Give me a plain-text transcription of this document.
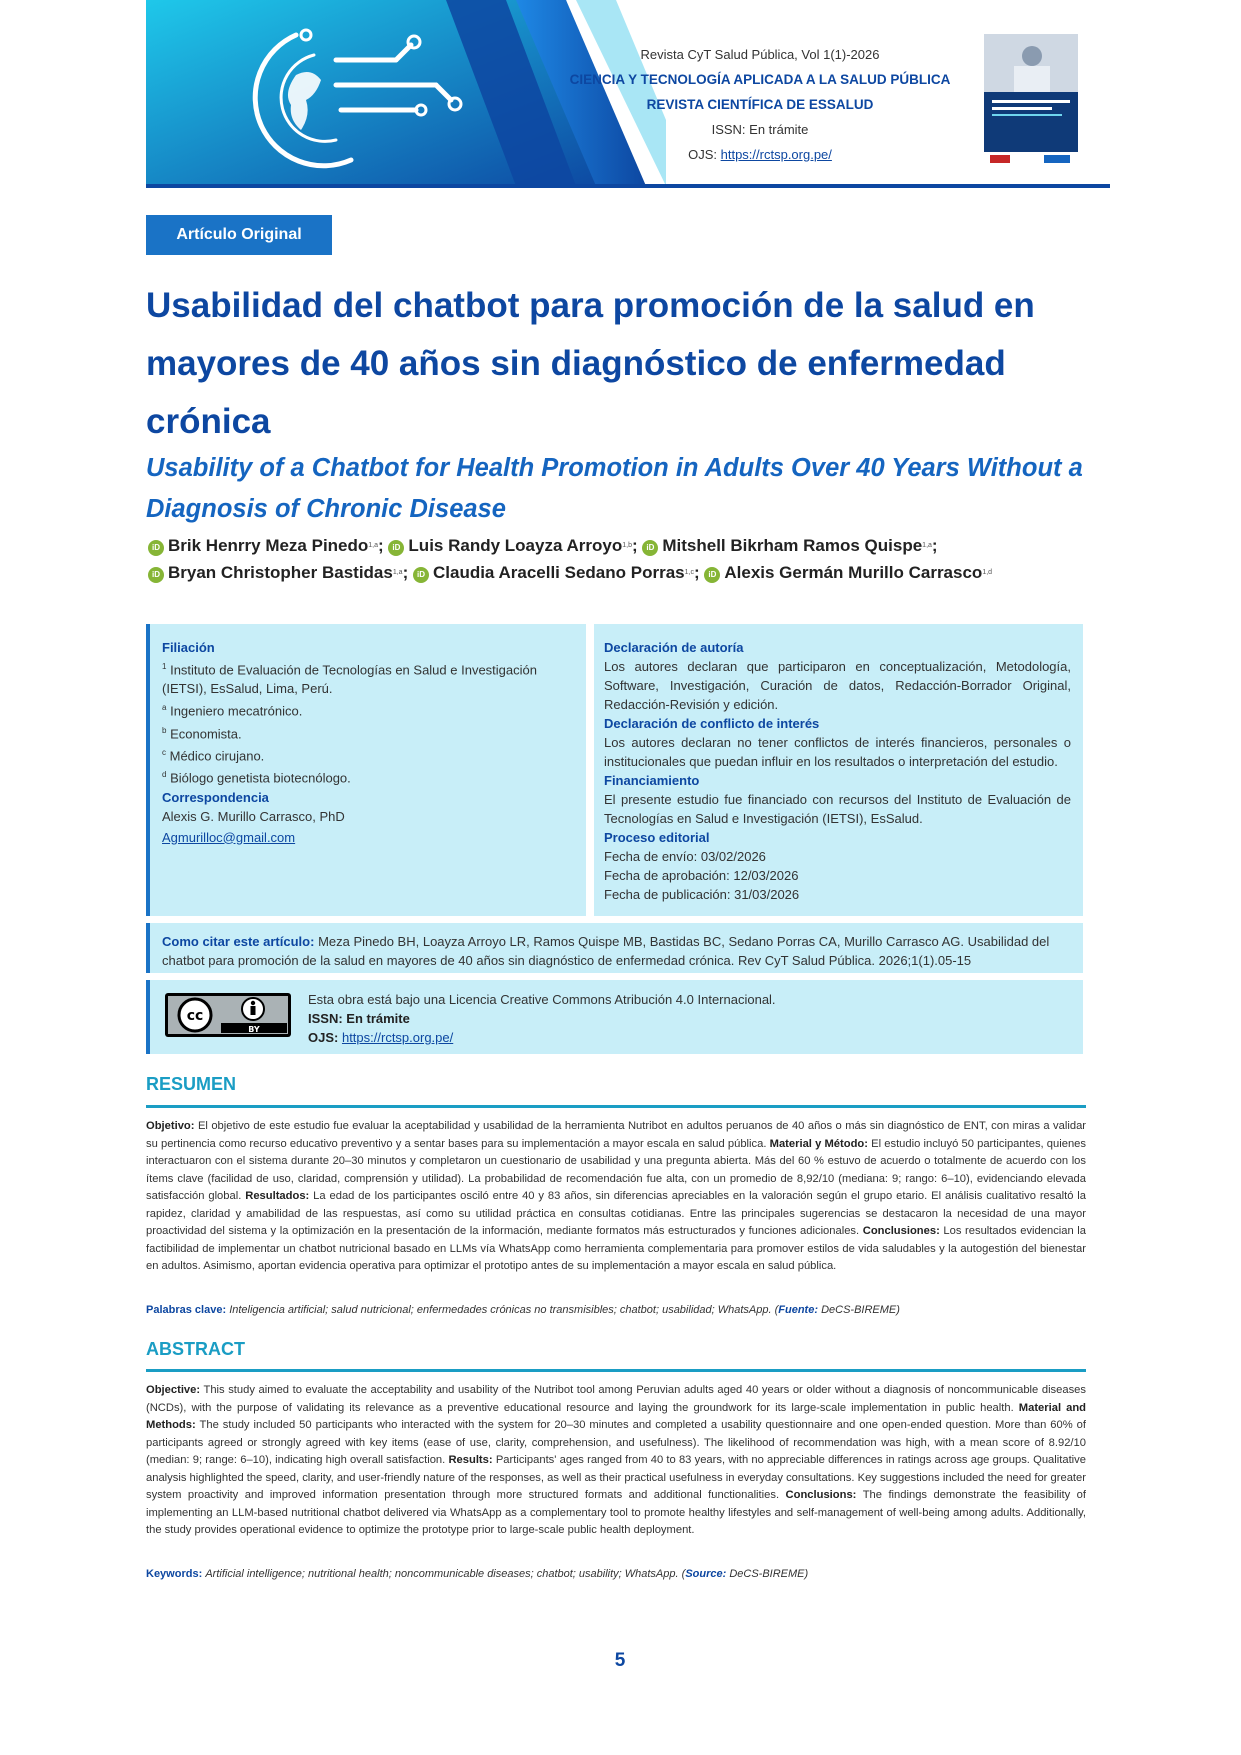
Revista CyT Salud Pública, Vol 1(1)-2026
CIENCIA Y TECNOLOGÍA APLICADA A LA SALUD PÚBLICA
REVISTA CIENTÍFICA DE ESSALUD
ISSN: En trámite
OJS: https://rctsp.org.pe/
Artículo Original
Usabilidad del chatbot para promoción de la salud en mayores de 40 años sin diagnóstico de enfermedad crónica
Usability of a Chatbot for Health Promotion in Adults Over 40 Years Without a Diagnosis of Chronic Disease
iD Brik Henrry Meza Pinedo$^{1,a}$; iD Luis Randy Loayza Arroyo$^{1,b}$; iD Mitshell Bikrham Ramos Quispe$^{1,a}$;
iD Bryan Christopher Bastidas$^{1,a}$; iD Claudia Aracelli Sedano Porras$^{1,c}$; iD Alexis Germán Murillo Carrasco$^{1,d}$
Filiación
$^1$ Instituto de Evaluación de Tecnologías en Salud e Investigación (IETSI), EsSalud, Lima, Perú.
$^a$ Ingeniero mecatrónico.
$^b$ Economista.
$^c$ Médico cirujano.
$^d$ Biólogo genetista biotecnólogo.
Correspondencia
Alexis G. Murillo Carrasco, PhD
Agmurilloc@gmail.com
Declaración de autoría
Los autores declaran que participaron en conceptualización, Metodología, Software, Investigación, Curación de datos, Redacción-Borrador Original, Redacción-Revisión y edición.
Declaración de conflicto de interés
Los autores declaran no tener conflictos de interés financieros, personales o institucionales que puedan influir en los resultados o interpretación del estudio.
Financiamiento
El presente estudio fue financiado con recursos del Instituto de Evaluación de Tecnologías en Salud e Investigación (IETSI), EsSalud.
Proceso editorial
Fecha de envío: 03/02/2026
Fecha de aprobación: 12/03/2026
Fecha de publicación: 31/03/2026
Como citar este artículo: Meza Pinedo BH, Loayza Arroyo LR, Ramos Quispe MB, Bastidas BC, Sedano Porras CA, Murillo Carrasco AG. Usabilidad del chatbot para promoción de la salud en mayores de 40 años sin diagnóstico de enfermedad crónica. Rev CyT Salud Pública. 2026;1(1).05-15
cc
BY
Esta obra está bajo una Licencia Creative Commons Atribución 4.0 Internacional.
ISSN: En trámite
OJS: https://rctsp.org.pe/
RESUMEN

Objetivo: El objetivo de este estudio fue evaluar la aceptabilidad y usabilidad de la herramienta Nutribot en adultos peruanos de 40 años o más sin diagnóstico de ENT, con miras a validar su pertinencia como recurso educativo preventivo y a sentar bases para su implementación a mayor escala en salud pública. Material y Método: El estudio incluyó 50 participantes, quienes interactuaron con el sistema durante 20–30 minutos y completaron un cuestionario de usabilidad y una pregunta abierta. Más del 60 % estuvo de acuerdo o totalmente de acuerdo con los ítems clave (facilidad de uso, claridad, comprensión y utilidad). La probabilidad de recomendación fue alta, con un promedio de 8,92/10 (mediana: 9; rango: 6–10), evidenciando elevada satisfacción global. Resultados: La edad de los participantes osciló entre 40 y 83 años, sin diferencias apreciables en la valoración según el grupo etario. El análisis cualitativo resaltó la rapidez, claridad y amabilidad de las respuestas, así como su utilidad práctica en consultas cotidianas. Entre las principales sugerencias se destacaron la necesidad de una mayor proactividad del sistema y la optimización en la presentación de la información, mediante formatos más estructurados y funciones adicionales. Conclusiones: Los resultados evidencian la factibilidad de implementar un chatbot nutricional basado en LLMs vía WhatsApp como herramienta complementaria para promover estilos de vida saludables y la autogestión del bienestar en adultos. Asimismo, aportan evidencia operativa para optimizar el prototipo antes de su implementación a mayor escala en salud pública.

Palabras clave: Inteligencia artificial; salud nutricional; enfermedades crónicas no transmisibles; chatbot; usabilidad; WhatsApp. (Fuente: DeCS-BIREME)
ABSTRACT

Objective: This study aimed to evaluate the acceptability and usability of the Nutribot tool among Peruvian adults aged 40 years or older without a diagnosis of noncommunicable diseases (NCDs), with the purpose of validating its relevance as a preventive educational resource and laying the groundwork for its large-scale implementation in public health. Material and Methods: The study included 50 participants who interacted with the system for 20–30 minutes and completed a usability questionnaire and one open-ended question. More than 60% of participants agreed or strongly agreed with key items (ease of use, clarity, comprehension, and usefulness). The likelihood of recommendation was high, with a mean score of 8.92/10 (median: 9; range: 6–10), indicating high overall satisfaction. Results: Participants' ages ranged from 40 to 83 years, with no appreciable differences in ratings across age groups. Qualitative analysis highlighted the speed, clarity, and user-friendly nature of the responses, as well as their practical usefulness in everyday consultations. Key suggestions included the need for greater system proactivity and improved information presentation through more structured formats and additional functionalities. Conclusions: The findings demonstrate the feasibility of implementing an LLM-based nutritional chatbot delivered via WhatsApp as a complementary tool to promote healthy lifestyles and self-management of well-being among adults. Additionally, the study provides operational evidence to optimize the prototype prior to large-scale public health deployment.

Keywords: Artificial intelligence; nutritional health; noncommunicable diseases; chatbot; usability; WhatsApp. (Source: DeCS-BIREME)
5
